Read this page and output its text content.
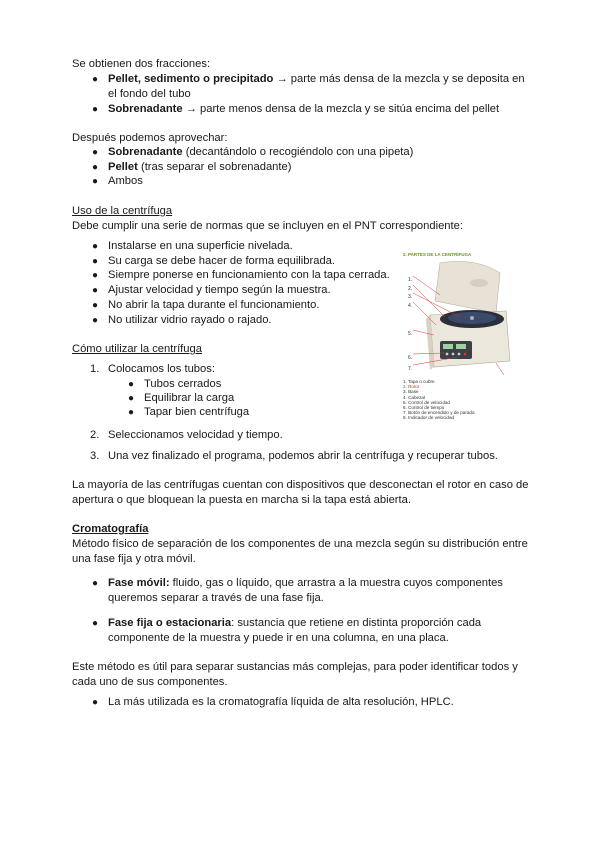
Se obtienen dos fracciones:
● Pellet, sedimento o precipitado → parte más densa de la mezcla y se deposita en
el fondo del tubo
● Sobrenadante → parte menos densa de la mezcla y se sitúa encima del pellet
Después podemos aprovechar:
● Sobrenadante (decantándolo o recogiéndolo con una pipeta)
● Pellet (tras separar el sobrenadante)
● Ambos
Uso de la centrífuga
Debe cumplir una serie de normas que se incluyen en el PNT correspondiente:
● Instalarse en una superficie nivelada.
● Su carga se debe hacer de forma equilibrada.
● Siempre ponerse en funcionamiento con la tapa cerrada.
● Ajustar velocidad y tiempo según la muestra.
● No abrir la tapa durante el funcionamiento.
● No utilizar vidrio rayado o rajado.
2. PARTES DE LA CENTRÍFUGA
1.
2.
3.
4.
5.
6.
7.
1. Tapa o cubre
2. Rotor
3. Base
4. Cabezal
5. Control de velocidad
6. Control de tiempo
7. Botón de encendido y de parada
8. Indicador de velocidad
Cómo utilizar la centrífuga
1. Colocamos los tubos:
● Tubos cerrados
● Equilibrar la carga
● Tapar bien centrífuga
2. Seleccionamos velocidad y tiempo.
3. Una vez finalizado el programa, podemos abrir la centrífuga y recuperar tubos.
La mayoría de las centrífugas cuentan con dispositivos que desconectan el rotor en caso de
apertura o que bloquean la puesta en marcha si la tapa está abierta.
Cromatografía
Método físico de separación de los componentes de una mezcla según su distribución entre
una fase fija y otra móvil.
● Fase móvil: fluido, gas o líquido, que arrastra a la muestra cuyos componentes
queremos separar a través de una fase fija.
● Fase fija o estacionaria: sustancia que retiene en distinta proporción cada
componente de la muestra y puede ir en una columna, en una placa.
Este método es útil para separar sustancias más complejas, para poder identificar todos y
cada uno de sus componentes.
● La más utilizada es la cromatografía líquida de alta resolución, HPLC.
